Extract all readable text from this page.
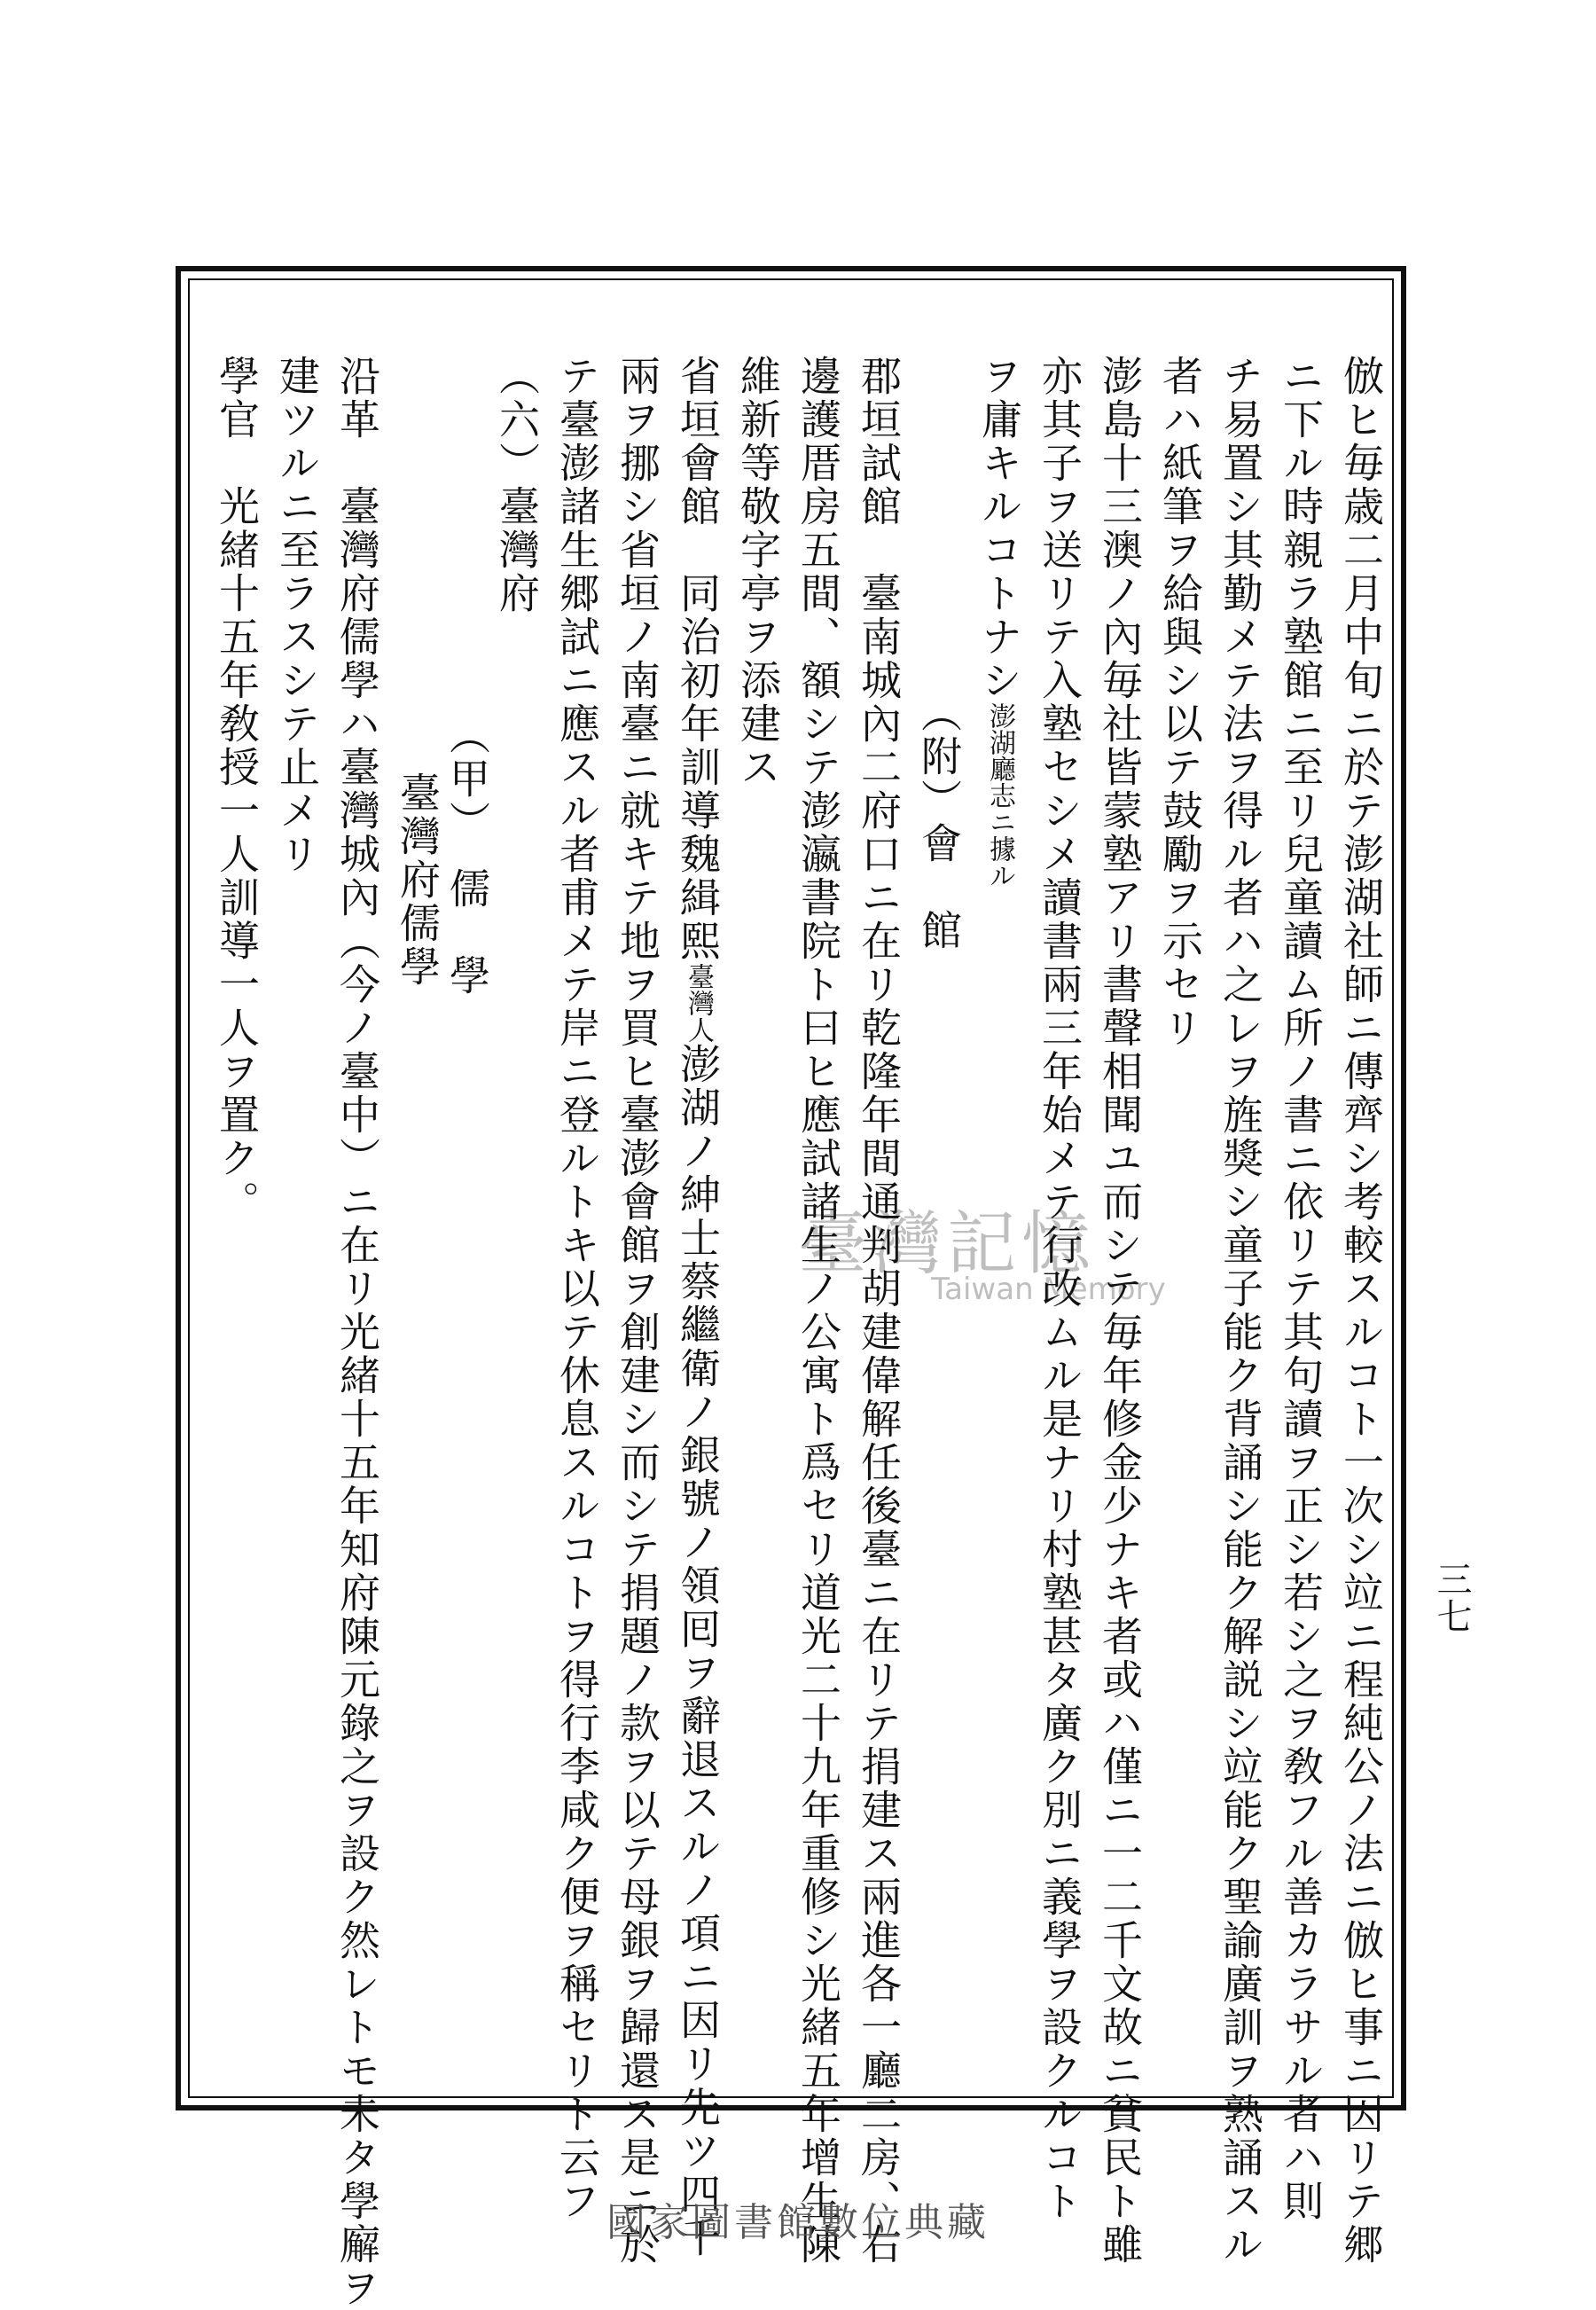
臺灣記憶
Taiwan Memory	倣ヒ毎歳二月中旬ニ於テ澎湖社師ニ傳齊シ考較スルコト一次シ竝ニ程純公ノ法ニ倣ヒ事ニ因リテ郷
ニ下ル時親ラ塾館ニ至リ兒童讀ム所ノ書ニ依リテ其句讀ヲ正シ若シ之ヲ敎フル善カラサル者ハ則
チ易置シ其勤メテ法ヲ得ル者ハ之レヲ旌獎シ童子能ク背誦シ能ク解説シ竝能ク聖諭廣訓ヲ熟誦スル
者ハ紙筆ヲ給與シ以テ鼓勵ヲ示セリ
澎島十三澳ノ內毎社皆蒙塾アリ書聲相聞ユ而シテ毎年修金少ナキ者或ハ僅ニ一二千文故ニ貧民ト雖
亦其子ヲ送リテ入塾セシメ讀書兩三年始メテ行改ムル是ナリ村塾甚タ廣ク別ニ義學ヲ設クルコト
ヲ庸キルコトナシ澎湖廳志ニ據ル
（附）會　館
郡垣試館　臺南城內二府口ニ在リ乾隆年間通判胡建偉解任後臺ニ在リテ捐建ス兩進各一廳二房、右
邊護厝房五間、額シテ澎瀛書院ト曰ヒ應試諸生ノ公寓ト爲セリ道光二十九年重修シ光緒五年增生陳
維新等敬字亭ヲ添建ス
省垣會館　同治初年訓導魏緝熙臺灣人澎湖ノ紳士蔡繼衛ノ銀號ノ領囘ヲ辭退スルノ項ニ因リ先ツ四千
兩ヲ挪シ省垣ノ南臺ニ就キテ地ヲ買ヒ臺澎會館ヲ創建シ而シテ捐題ノ款ヲ以テ母銀ヲ歸還ス是ニ於
テ臺澎諸生郷試ニ應スル者甫メテ岸ニ登ルトキ以テ休息スルコトヲ得行李咸ク便ヲ稱セリト云フ
（六）臺灣府
（甲）　儒　學
臺灣府儒學
沿革　臺灣府儒學ハ臺灣城內（今ノ臺中）ニ在リ光緒十五年知府陳元錄之ヲ設ク然レトモ未タ學廨ヲ
建ツルニ至ラスシテ止メリ
學官　光緒十五年敎授一人訓導一人ヲ置ク。
三七
國家圖書館數位典藏
